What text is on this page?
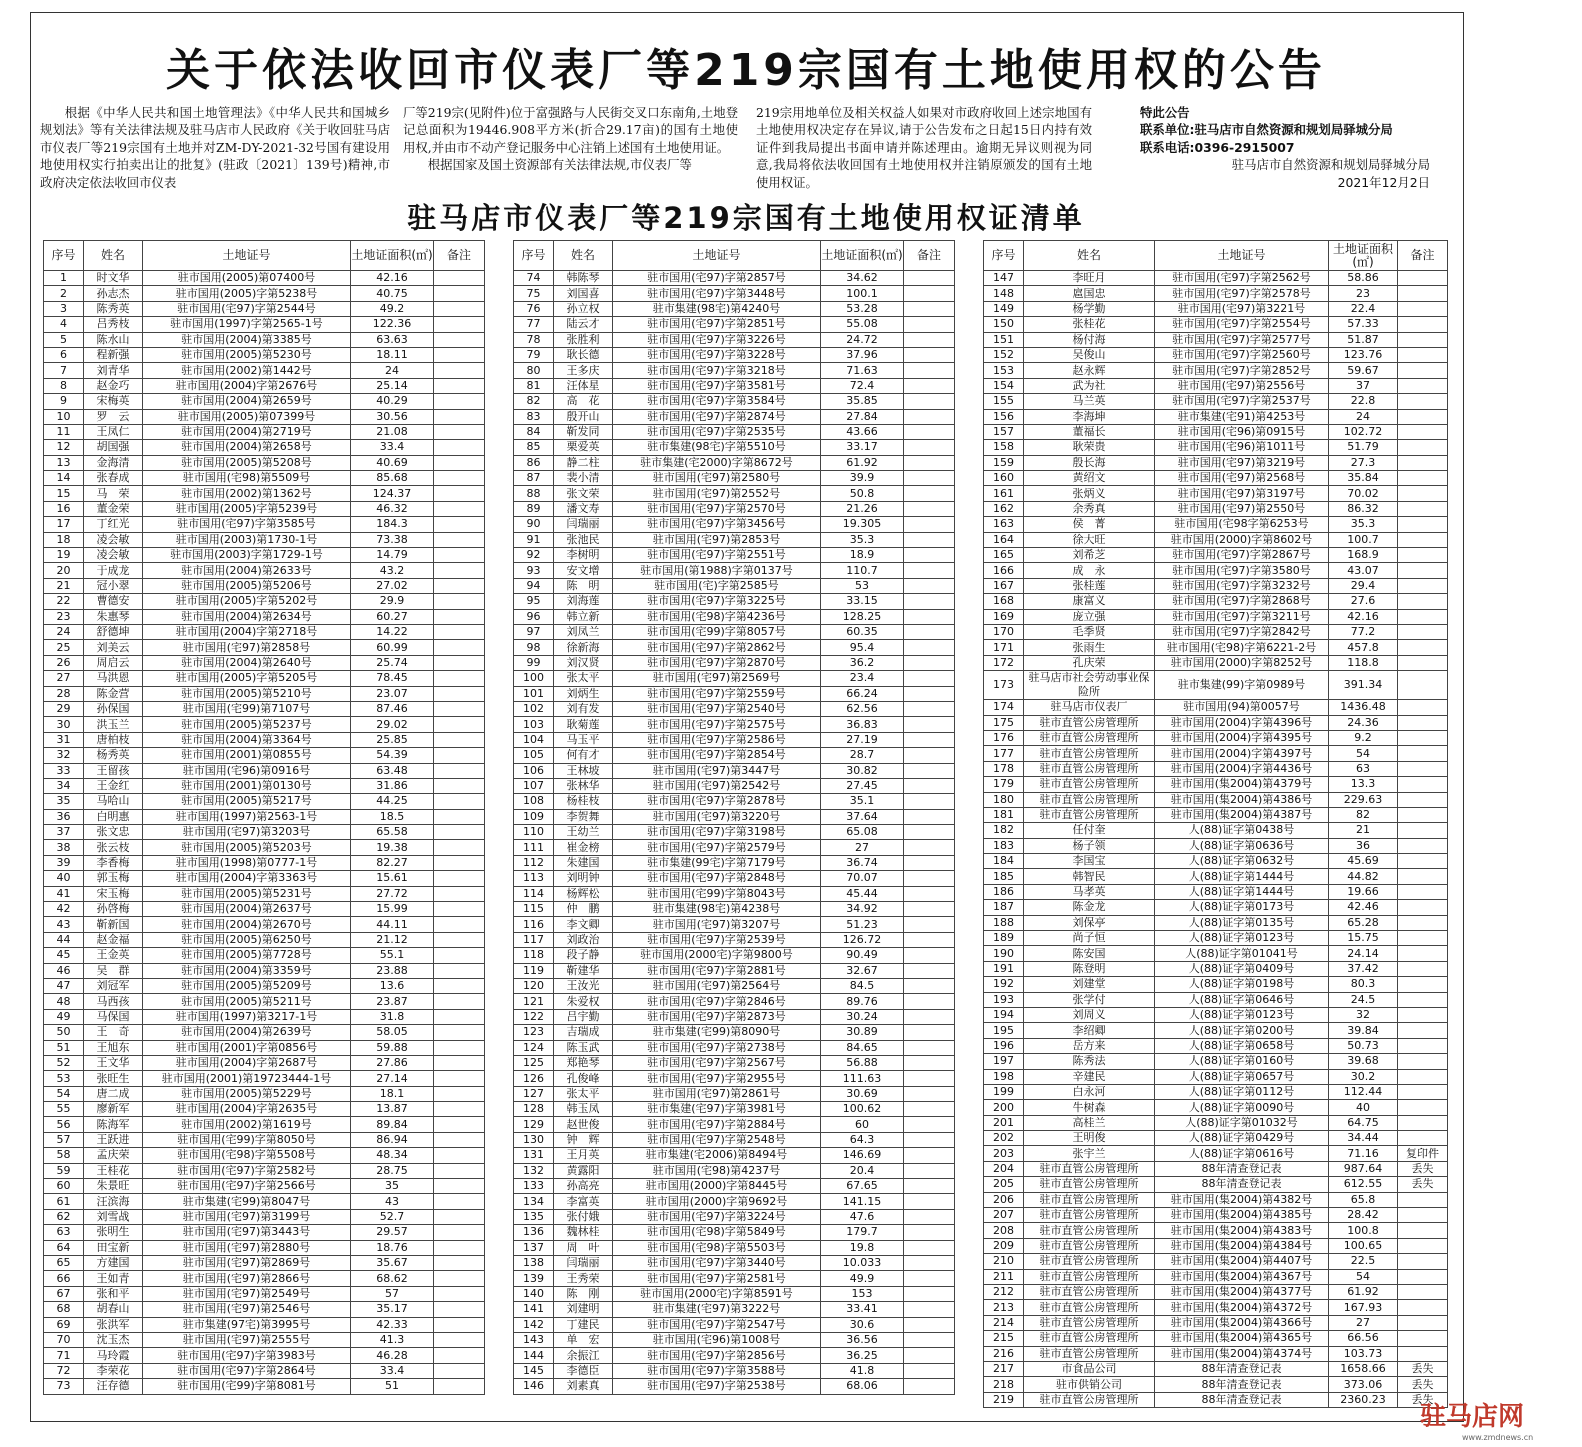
关于依法收回市仪表厂等219宗国有土地使用权的公告

根据《中华人民共和国土地管理法》《中华人民共和国城乡规划法》等有关法律法规及驻马店市人民政府《关于收回驻马店市仪表厂等219宗国有土地并对ZM-DY-2021-32号国有建设用地使用权实行拍卖出让的批复》(驻政〔2021〕139号)精神,市政府决定依法收回市仪表

厂等219宗(见附件)位于富强路与人民街交叉口东南角,土地登记总面积为19446.908平方米(折合29.17亩)的国有土地使用权,并由市不动产登记服务中心注销上述国有土地使用证。

根据国家及国土资源部有关法律法规,市仪表厂等

219宗用地单位及相关权益人如果对市政府收回上述宗地国有土地使用权决定存在异议,请于公告发布之日起15日内持有效证件到我局提出书面申请并陈述理由。逾期无异议则视为同意,我局将依法收回国有土地使用权并注销原颁发的国有土地使用权证。

特此公告
联系单位:驻马店市自然资源和规划局驿城分局
联系电话:0396-2915007
驻马店市自然资源和规划局驿城分局
2021年12月2日
驻马店市仪表厂等219宗国有土地使用权证清单
序号	姓名	土地证号	土地证面积(㎡)	备注
1	时文华	驻市国用(2005)第07400号	42.16	
2	孙志杰	驻市国用(2005)字第5238号	40.75	
3	陈秀英	驻市国用(宅97)字第2544号	49.2	
4	吕秀枝	驻市国用(1997)字第2565-1号	122.36	
5	陈水山	驻市国用(2004)第3385号	63.63	
6	程新强	驻市国用(2005)第5230号	18.11	
7	刘青华	驻市国用(2002)第1442号	24	
8	赵金巧	驻市国用(2004)字第2676号	25.14	
9	宋梅英	驻市国用(2004)第2659号	40.29	
10	罗　云	驻市国用(2005)第07399号	30.56	
11	王凤仁	驻市国用(2004)第2719号	21.08	
12	胡国强	驻市国用(2004)第2658号	33.4	
13	金海清	驻市国用(2005)第5208号	40.69	
14	张春成	驻市国用(宅98)第5509号	85.68	
15	马　荣	驻市国用(2002)第1362号	124.37	
16	董金荣	驻市国用(2005)字第5239号	46.32	
17	丁红光	驻市国用(宅97)字第3585号	184.3	
18	凌会敏	驻市国用(2003)第1730-1号	73.38	
19	凌会敏	驻市国用(2003)字第1729-1号	14.79	
20	于成龙	驻市国用(2004)第2633号	43.2	
21	冠小翠	驻市国用(2005)第5206号	27.02	
22	曹德安	驻市国用(2005)字第5202号	29.9	
23	朱惠琴	驻市国用(2004)第2634号	60.27	
24	舒德坤	驻市国用(2004)字第2718号	14.22	
25	刘美云	驻市国用(宅97)第2858号	60.99	
26	周启云	驻市国用(2004)第2640号	25.74	
27	马洪恩	驻市国用(2005)字第5205号	78.45	
28	陈金营	驻市国用(2005)第5210号	23.07	
29	孙保国	驻市国用(宅99)第7107号	87.46	
30	洪玉兰	驻市国用(2005)第5237号	29.02	
31	唐柏枝	驻市国用(2004)第3364号	25.85	
32	杨秀英	驻市国用(2001)第0855号	54.39	
33	王留孩	驻市国用(宅96)第0916号	63.48	
34	王金红	驻市国用(2001)第0130号	31.86	
35	马哈山	驻市国用(2005)第5217号	44.25	
36	白明惠	驻市国用(1997)第2563-1号	18.5	
37	张文忠	驻市国用(宅97)第3203号	65.58	
38	张云枝	驻市国用(2005)第5203号	19.38	
39	李香梅	驻市国用(1998)第0777-1号	82.27	
40	郭玉梅	驻市国用(2004)字第3363号	15.61	
41	宋玉梅	驻市国用(2005)第5231号	27.72	
42	孙啓梅	驻市国用(2004)第2637号	15.99	
43	靳新国	驻市国用(2004)第2670号	44.11	
44	赵金福	驻市国用(2005)第6250号	21.12	
45	王金英	驻市国用(2005)第7728号	55.1	
46	吴　群	驻市国用(2004)第3359号	23.88	
47	刘冠军	驻市国用(2005)第5209号	13.6	
48	马西孩	驻市国用(2005)第5211号	23.87	
49	马保国	驻市国用(1997)第3217-1号	31.8	
50	王　奇	驻市国用(2004)第2639号	58.05	
51	王旭东	驻市国用(2001)字第0856号	59.88	
52	王文华	驻市国用(2004)字第2687号	27.86	
53	张旺生	驻市国用(2001)第19723444-1号	27.14	
54	唐二成	驻市国用(2005)第5229号	18.1	
55	廖新军	驻市国用(2004)字第2635号	13.87	
56	陈海军	驻市国用(2002)第1619号	89.84	
57	王跃进	驻市国用(宅99)字第8050号	86.94	
58	孟庆荣	驻市国用(宅98)字第5508号	48.34	
59	王桂花	驻市国用(宅97)字第2582号	28.75	
60	朱景旺	驻市国用(宅97)字第2566号	35	
61	汪滨海	驻市集建(宅99)第8047号	43	
62	刘雪战	驻市国用(宅97)第3199号	52.7	
63	张明生	驻市国用(宅97)第3443号	29.57	
64	田宝新	驻市国用(宅97)第2880号	18.76	
65	方建国	驻市国用(宅97)第2869号	35.67	
66	王如青	驻市国用(宅97)第2866号	68.62	
67	张和平	驻市国用(宅97)第2549号	57	
68	胡春山	驻市国用(宅97)第2546号	35.17	
69	张洪军	驻市集建(97宅)第3995号	42.33	
70	沈玉杰	驻市国用(宅97)第2555号	41.3	
71	马玲霞	驻市国用(宅97)字第3983号	46.28	
72	李荣花	驻市国用(宅97)字第2864号	33.4	
73	汪存德	驻市国用(宅99)字第8081号	51	
序号	姓名	土地证号	土地证面积(㎡)	备注
74	韩陈琴	驻市国用(宅97)字第2857号	34.62	
75	刘国喜	驻市国用(宅97)字第3448号	100.1	
76	孙立权	驻市集建(98宅)第4240号	53.28	
77	陆云才	驻市国用(宅97)字第2851号	55.08	
78	张胜利	驻市国用(宅97)字第3226号	24.72	
79	耿长德	驻市国用(宅97)字第3228号	37.96	
80	王多庆	驻市国用(宅97)字第3218号	71.63	
81	汪体星	驻市国用(宅97)字第3581号	72.4	
82	高　花	驻市国用(宅97)字第3584号	35.85	
83	殷开山	驻市国用(宅97)字第2874号	27.84	
84	靳发同	驻市国用(宅97)字第2535号	43.66	
85	栗爱英	驻市集建(98宅)字第5510号	33.17	
86	静二柱	驻市集建(宅2000)字第8672号	61.92	
87	裴小清	驻市国用(宅97)第2580号	39.9	
88	张文荣	驻市国用(宅97)第2552号	50.8	
89	潘文寿	驻市国用(宅97)字第2570号	21.26	
90	闫瑞丽	驻市国用(宅97)字第3456号	19.305	
91	张池民	驻市国用(宅97)第2853号	35.3	
92	李树明	驻市国用(宅97)字第2551号	18.9	
93	安文增	驻市国用(第1988)字第0137号	110.7	
94	陈　明	驻市国用(宅)字第2585号	53	
95	刘海莲	驻市国用(宅97)字第3225号	33.15	
96	韩立新	驻市国用(宅98)字第4236号	128.25	
97	刘凤兰	驻市国用(宅99)字第8057号	60.35	
98	徐新海	驻市国用(宅97)字第2862号	95.4	
99	刘汉贤	驻市国用(宅97)字第2870号	36.2	
100	张太平	驻市国用(宅97)第2569号	23.4	
101	刘炳生	驻市国用(宅97)字第2559号	66.24	
102	刘有发	驻市国用(宅97)字第2540号	62.56	
103	耿菊莲	驻市国用(宅97)字第2575号	36.83	
104	马玉平	驻市国用(宅97)字第2586号	27.19	
105	何有才	驻市国用(宅97)字第2854号	28.7	
106	王林坡	驻市国用(宅97)第3447号	30.82	
107	张林华	驻市国用(宅97)第2542号	27.45	
108	杨桂枝	驻市国用(宅97)字第2878号	35.1	
109	李贺舞	驻市国用(宅97)第3220号	37.64	
110	王幼兰	驻市国用(宅97)字第3198号	65.08	
111	崔金榜	驻市国用(宅97)字第2579号	27	
112	朱建国	驻市集建(99宅)字第7179号	36.74	
113	刘明钟	驻市国用(宅97)字第2848号	70.07	
114	杨辉松	驻市国用(宅99)字第8043号	45.44	
115	仲　鹏	驻市集建(98宅)第4238号	34.92	
116	李文卿	驻市国用(宅97)第3207号	51.23	
117	刘政治	驻市国用(宅97)字第2539号	126.72	
118	段子静	驻市国用(2000宅)字第9800号	90.49	
119	靳建华	驻市国用(宅97)字第2881号	32.67	
120	王汝光	驻市国用(宅97)第2564号	84.5	
121	朱爱权	驻市国用(宅97)字第2846号	89.76	
122	吕宇勤	驻市国用(宅97)字第2873号	30.24	
123	吉瑞成	驻市集建(宅99)第8090号	30.89	
124	陈玉武	驻市国用(宅97)字第2738号	84.65	
125	郑艳琴	驻市国用(宅97)字第2567号	56.88	
126	孔俊峰	驻市国用(宅97)字第2955号	111.63	
127	张太平	驻市国用(宅97)第2861号	30.69	
128	韩玉凤	驻市集建(宅97)字第3981号	100.62	
129	赵世俊	驻市国用(宅97)字第2884号	60	
130	钟　辉	驻市国用(宅97)字第2548号	64.3	
131	王月英	驻市集建(宅2006)第8494号	146.69	
132	黄露阳	驻市国用(宅98)第4237号	20.4	
133	孙高亮	驻市国用(2000)字第8445号	67.65	
134	李富英	驻市国用(2000)字第9692号	141.15	
135	张付娥	驻市国用(宅97)字第3224号	47.6	
136	魏林桂	驻市国用(宅98)字第5849号	179.7	
137	周　叶	驻市国用(宅98)字第5503号	19.8	
138	闫瑞丽	驻市国用(宅97)字第3440号	10.033	
139	王秀荣	驻市国用(宅97)字第2581号	49.9	
140	陈　刚	驻市国用(2000宅)字第8591号	153	
141	刘建明	驻市集建(宅97)第3222号	33.41	
142	丁建民	驻市国用(宅97)字第2547号	30.6	
143	单　宏	驻市国用(宅96)第1008号	36.56	
144	余振江	驻市国用(宅97)字第2856号	36.25	
145	李德臣	驻市国用(宅97)字第3588号	41.8	
146	刘素真	驻市国用(宅97)字第2538号	68.06	
序号	姓名	土地证号	土地证面积(㎡)	备注
147	李旺月	驻市国用(宅97)字第2562号	58.86	
148	扈国忠	驻市国用(宅97)字第2578号	23	
149	杨学勤	驻市国用(宅97)第3221号	22.4	
150	张桂花	驻市国用(宅97)字第2554号	57.33	
151	杨付海	驻市国用(宅97)字第2577号	51.87	
152	吴俊山	驻市国用(宅97)字第2560号	123.76	
153	赵永辉	驻市国用(宅97)字第2852号	59.67	
154	武为社	驻市国用(宅97)第2556号	37	
155	马兰英	驻市国用(宅97)字第2537号	22.8	
156	李海坤	驻市集建(宅91)第4253号	24	
157	董福长	驻市国用(宅96)第0915号	102.72	
158	耿荣贵	驻市国用(宅96)第1011号	51.79	
159	殷长海	驻市国用(宅97)第3219号	27.3	
160	黄绍文	驻市国用(宅97)第2568号	35.84	
161	张炳义	驻市国用(宅97)第3197号	70.02	
162	余秀真	驻市国用(宅97)第2550号	86.32	
163	侯　菁	驻市国用(宅98字第6253号	35.3	
164	徐大旺	驻市国用(2000)字第8602号	100.7	
165	刘希芝	驻市国用(宅97)字第2867号	168.9	
166	成　永	驻市国用(宅97)字第3580号	43.07	
167	张桂莲	驻市国用(宅97)字第3232号	29.4	
168	康富义	驻市国用(宅97)字第2868号	27.6	
169	庞立强	驻市国用(宅97)字第3211号	42.16	
170	毛季贤	驻市国用(宅97)字第2842号	77.2	
171	张雨生	驻市国用(宅98)字第6221-2号	457.8	
172	孔庆荣	驻市国用(2000)字第8252号	118.8	
173	驻马店市社会劳动事业保险所	驻市集建(99)字第0989号	391.34	
174	驻马店市仪表厂	驻市国用(94)第0057号	1436.48	
175	驻市直管公房管理所	驻市国用(2004)字第4396号	24.36	
176	驻市直管公房管理所	驻市国用(2004)字第4395号	9.2	
177	驻市直管公房管理所	驻市国用(2004)字第4397号	54	
178	驻市直管公房管理所	驻市国用(2004)字第4436号	63	
179	驻市直管公房管理所	驻市国用(集2004)第4379号	13.3	
180	驻市直管公房管理所	驻市国用(集2004)第4386号	229.63	
181	驻市直管公房管理所	驻市国用(集2004)第4387号	82	
182	任付奎	人(88)证字第0438号	21	
183	杨子领	人(88)证字第0636号	36	
184	李国宝	人(88)证字第0632号	45.69	
185	韩智民	人(88)证字第1444号	44.82	
186	马孝英	人(88)证字第1444号	19.66	
187	陈金龙	人(88)证字第0173号	42.46	
188	刘保亭	人(88)证字第0135号	65.28	
189	尚子恒	人(88)证字第0123号	15.75	
190	陈安国	人(88)证字第01041号	24.14	
191	陈登明	人(88)证字第0409号	37.42	
192	刘建堂	人(88)证字第0198号	80.3	
193	张学付	人(88)证字第0646号	24.5	
194	刘周义	人(88)证字第0123号	32	
195	李绍卿	人(88)证字第0200号	39.84	
196	岳方来	人(88)证字第0658号	50.73	
197	陈秀法	人(88)证字第0160号	39.68	
198	辛建民	人(88)证字第0657号	30.2	
199	白永河	人(88)证字第0112号	112.44	
200	牛树森	人(88)证字第0090号	40	
201	高桂兰	人(88)证字第01032号	64.75	
202	王明俊	人(88)证字第0429号	34.44	
203	张宇兰	人(88)证字第0616号	71.16	复印件
204	驻市直管公房管理所	88年清查登记表	987.64	丢失
205	驻市直管公房管理所	88年清查登记表	612.55	丢失
206	驻市直管公房管理所	驻市国用(集2004)第4382号	65.8	
207	驻市直管公房管理所	驻市国用(集2004)第4385号	28.42	
208	驻市直管公房管理所	驻市国用(集2004)第4383号	100.8	
209	驻市直管公房管理所	驻市国用(集2004)第4384号	100.65	
210	驻市直管公房管理所	驻市国用(集2004)第4407号	22.5	
211	驻市直管公房管理所	驻市国用(集2004)第4367号	54	
212	驻市直管公房管理所	驻市国用(集2004)第4377号	61.92	
213	驻市直管公房管理所	驻市国用(集2004)第4372号	167.93	
214	驻市直管公房管理所	驻市国用(集2004)第4366号	27	
215	驻市直管公房管理所	驻市国用(集2004)第4365号	66.56	
216	驻市直管公房管理所	驻市国用(集2004)第4374号	103.73	
217	市食品公司	88年清查登记表	1658.66	丢失
218	驻市供销公司	88年清查登记表	373.06	丢失
219	驻市直管公房管理所	88年清查登记表	2360.23	丢失
驻马店网
www.zmdnews.cn
